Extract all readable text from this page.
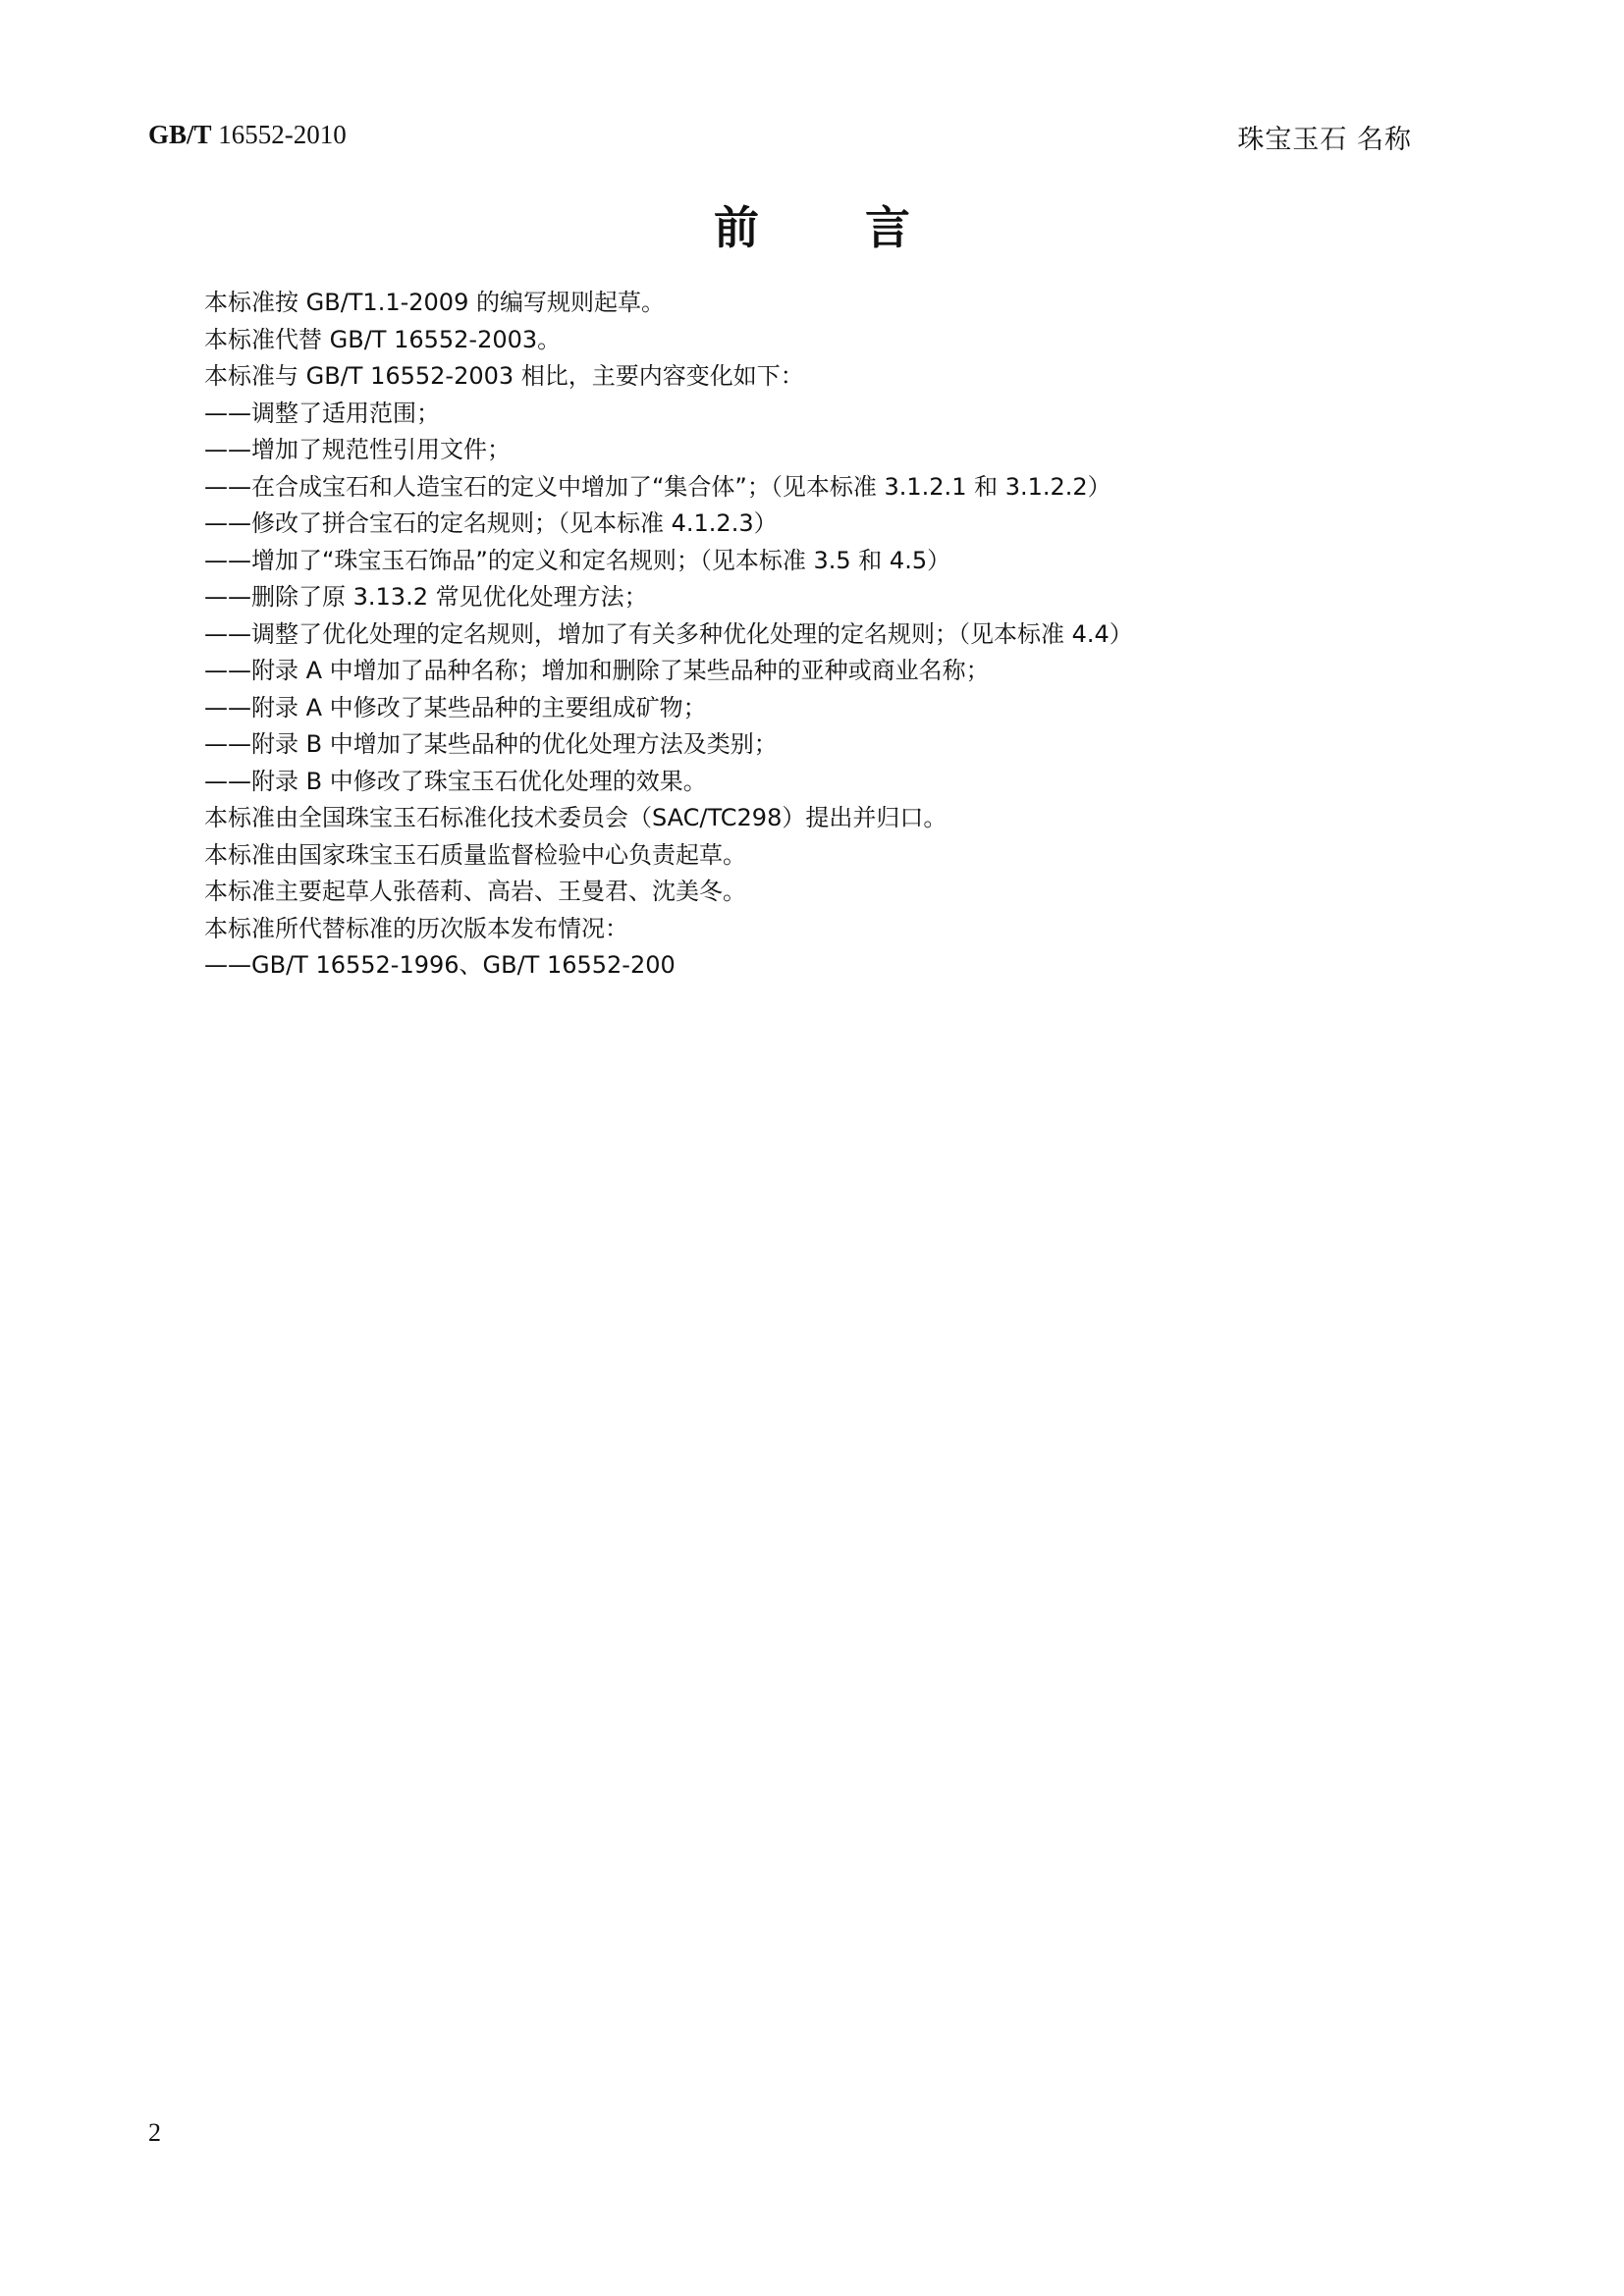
GB/T 16552-2010	珠宝玉石 名称
前言
本标准按 GB/T1.1-2009 的编写规则起草。
本标准代替 GB/T 16552-2003。
本标准与 GB/T 16552-2003 相比，主要内容变化如下：
——调整了适用范围；
——增加了规范性引用文件；
——在合成宝石和人造宝石的定义中增加了“集合体”；（见本标准 3.1.2.1 和 3.1.2.2）
——修改了拼合宝石的定名规则；（见本标准 4.1.2.3）
——增加了“珠宝玉石饰品”的定义和定名规则；（见本标准 3.5 和 4.5）
——删除了原 3.13.2 常见优化处理方法；
——调整了优化处理的定名规则，增加了有关多种优化处理的定名规则；（见本标准 4.4）
——附录 A 中增加了品种名称；增加和删除了某些品种的亚种或商业名称；
——附录 A 中修改了某些品种的主要组成矿物；
——附录 B 中增加了某些品种的优化处理方法及类别；
——附录 B 中修改了珠宝玉石优化处理的效果。
本标准由全国珠宝玉石标准化技术委员会（SAC/TC298）提出并归口。
本标准由国家珠宝玉石质量监督检验中心负责起草。
本标准主要起草人张蓓莉、高岩、王曼君、沈美冬。
本标准所代替标准的历次版本发布情况：
——GB/T 16552-1996、GB/T 16552-200
2
